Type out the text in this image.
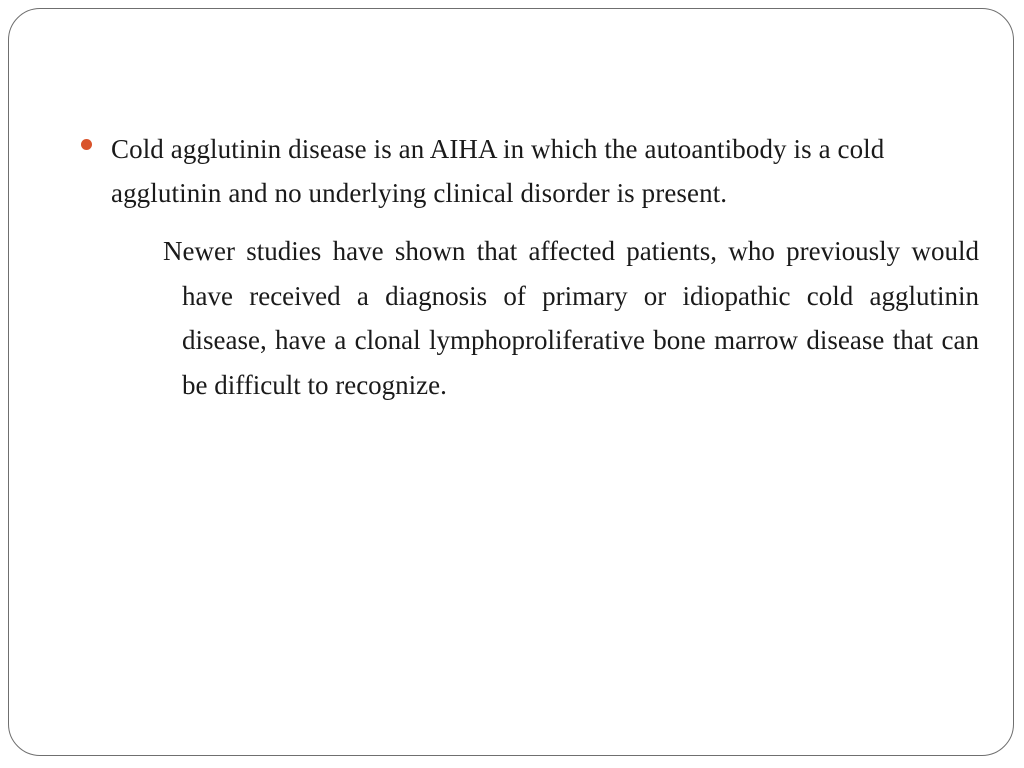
Cold agglutinin disease is an AIHA in which the autoantibody is a cold agglutinin and no underlying clinical disorder is present.
Newer studies have shown that affected patients, who previously would have received a diagnosis of primary or idiopathic cold agglutinin disease, have a clonal lymphoproliferative bone marrow disease that can be difficult to recognize.
